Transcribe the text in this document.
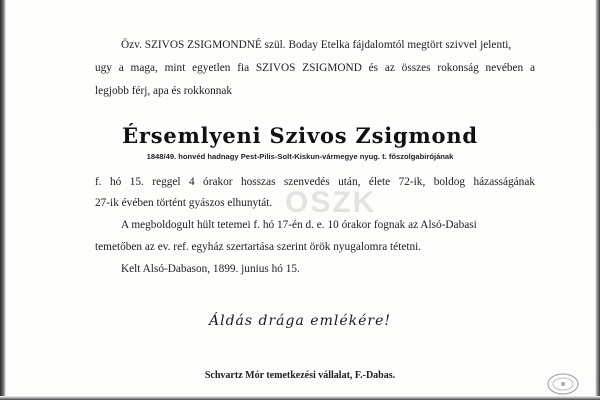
Özv. SZIVOS ZSIGMONDNÉ szül. Boday Etelka fájdalomtól megtört szivvel jelenti,
ugy a maga, mint egyetlen fia SZIVOS ZSIGMOND és az összes rokonság nevében a
legjobb férj, apa és rokkonnak
Érsemlyeni Szivos Zsigmond
1848/49. honvéd hadnagy Pest-Pilis-Solt-Kiskun-vármegye nyug. t. főszolgabirójának
f. hó 15. reggel 4 órakor hosszas szenvedés után, élete 72-ik, boldog házasságának
27-ik évében történt gyászos elhunytát.
A megboldogult hült tetemei f. hó 17-én d. e. 10 órakor fognak az Alsó-Dabasi
temetőben az ev. ref. egyház szertartása szerint örök nyugalomra tétetni.
Kelt Alsó-Dabason, 1899. junius hó 15.
Áldás drága emlékére!
Schvartz Mór temetkezési vállalat, F.-Dabas.
OSZK
